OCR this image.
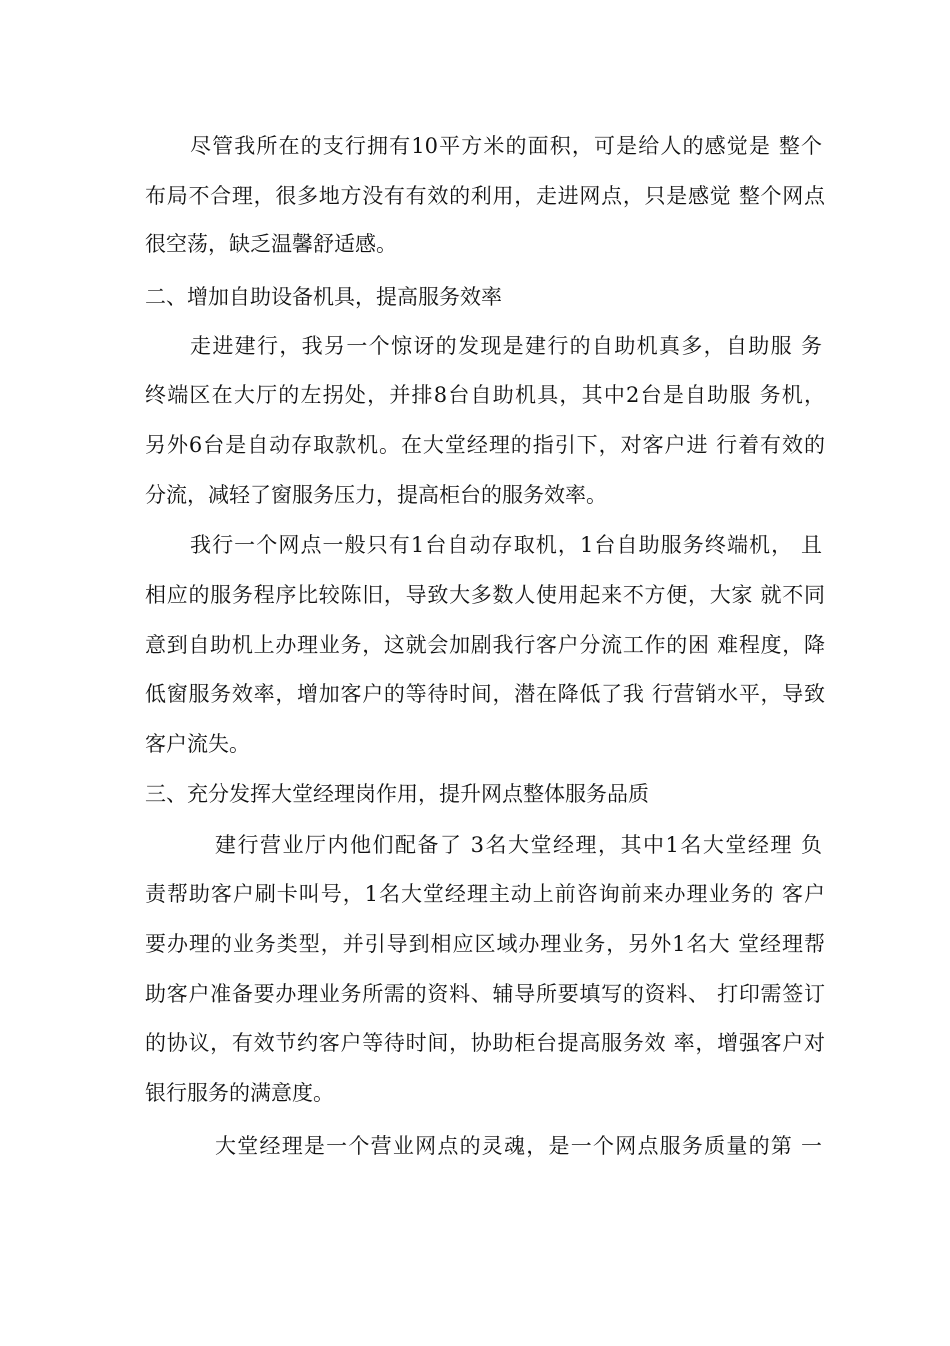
尽管我所在的支行拥有10平方米的面积，可是给人的感觉是 整个
布局不合理，很多地方没有有效的利用，走进网点，只是感觉 整个网点
很空荡，缺乏温馨舒适感。
二、增加自助设备机具，提高服务效率
走进建行，我另一个惊讶的发现是建行的自助机真多，自助服 务
终端区在大厅的左拐处，并排8台自助机具，其中2台是自助服 务机，
另外6台是自动存取款机。在大堂经理的指引下，对客户进 行着有效的
分流，减轻了窗服务压力，提高柜台的服务效率。
我行一个网点一般只有1台自动存取机，1台自助服务终端机， 且
相应的服务程序比较陈旧，导致大多数人使用起来不方便，大家 就不同
意到自助机上办理业务，这就会加剧我行客户分流工作的困 难程度，降
低窗服务效率，增加客户的等待时间，潜在降低了我 行营销水平，导致
客户流失。
三、充分发挥大堂经理岗作用，提升网点整体服务品质
建行营业厅内他们配备了 3名大堂经理，其中1名大堂经理 负
责帮助客户刷卡叫号，1名大堂经理主动上前咨询前来办理业务的 客户
要办理的业务类型，并引导到相应区域办理业务，另外1名大 堂经理帮
助客户准备要办理业务所需的资料、辅导所要填写的资料、 打印需签订
的协议，有效节约客户等待时间，协助柜台提高服务效 率，增强客户对
银行服务的满意度。
大堂经理是一个营业网点的灵魂，是一个网点服务质量的第 一
